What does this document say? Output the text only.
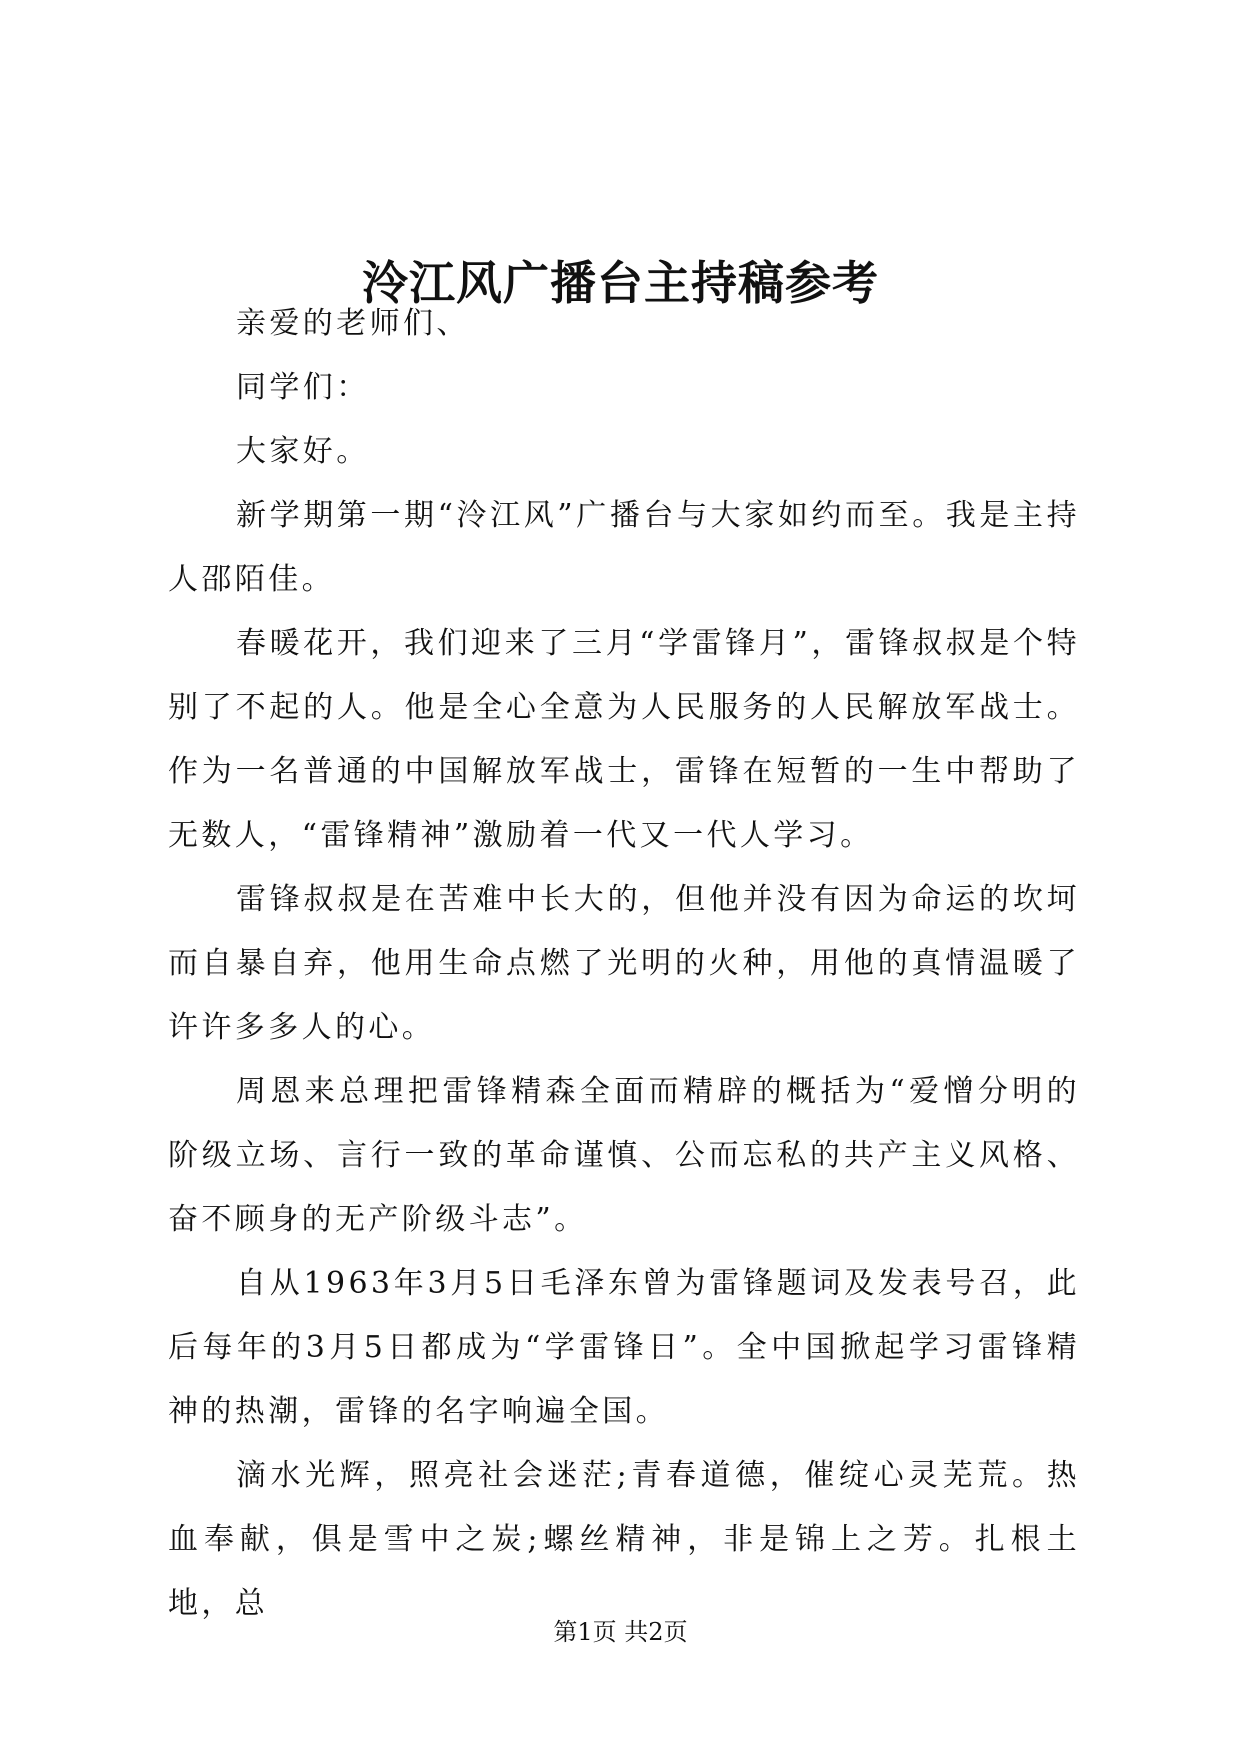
泠江风广播台主持稿参考

亲爱的老师们、

同学们：

大家好。

新学期第一期“泠江风”广播台与大家如约而至。我是主持人邵陌佳。

春暖花开，我们迎来了三月“学雷锋月”，雷锋叔叔是个特别了不起的人。他是全心全意为人民服务的人民解放军战士。作为一名普通的中国解放军战士，雷锋在短暂的一生中帮助了无数人，“雷锋精神”激励着一代又一代人学习。

雷锋叔叔是在苦难中长大的，但他并没有因为命运的坎坷而自暴自弃，他用生命点燃了光明的火种，用他的真情温暖了许许多多人的心。

周恩来总理把雷锋精森全面而精辟的概括为“爱憎分明的阶级立场、言行一致的革命谨慎、公而忘私的共产主义风格、奋不顾身的无产阶级斗志”。

自从1963年3月5日毛泽东曾为雷锋题词及发表号召，此后每年的3月5日都成为“学雷锋日”。全中国掀起学习雷锋精神的热潮，雷锋的名字响遍全国。

滴水光辉，照亮社会迷茫;青春道德，催绽心灵芜荒。热血奉献，俱是雪中之炭;螺丝精神，非是锦上之芳。扎根土地，总

第1页 共2页
